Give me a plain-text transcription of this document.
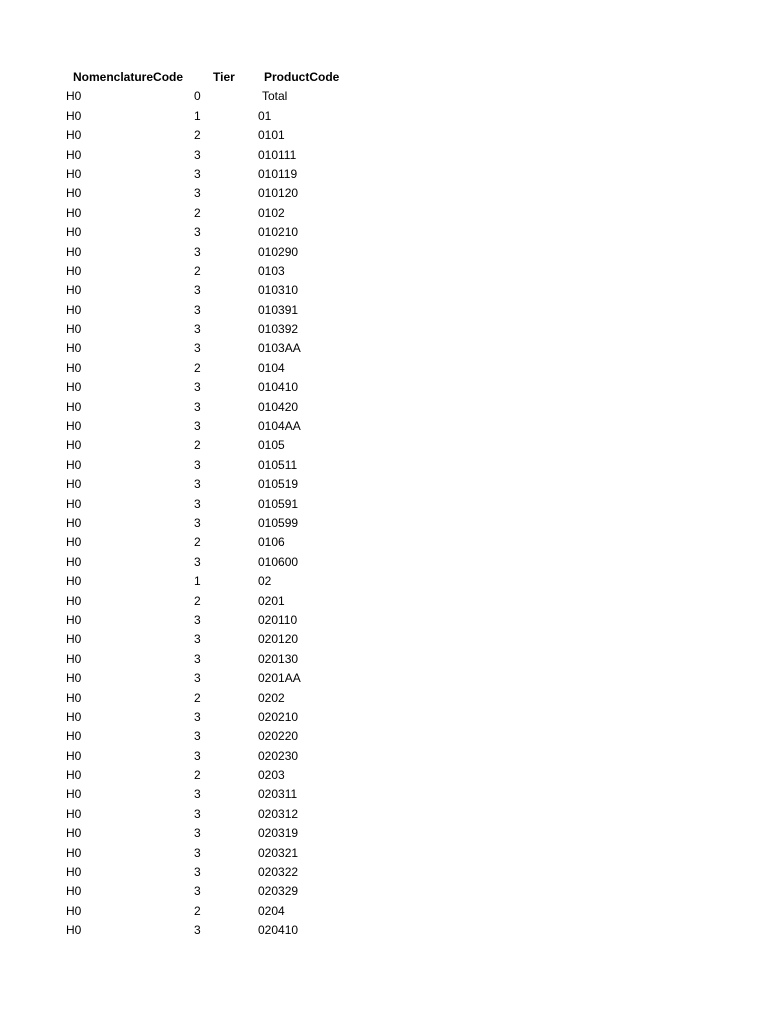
NomenclatureCode Tier ProductCode
H0	0	Total
H0	1	01
H0	2	0101
H0	3	010111
H0	3	010119
H0	3	010120
H0	2	0102
H0	3	010210
H0	3	010290
H0	2	0103
H0	3	010310
H0	3	010391
H0	3	010392
H0	3	0103AA
H0	2	0104
H0	3	010410
H0	3	010420
H0	3	0104AA
H0	2	0105
H0	3	010511
H0	3	010519
H0	3	010591
H0	3	010599
H0	2	0106
H0	3	010600
H0	1	02
H0	2	0201
H0	3	020110
H0	3	020120
H0	3	020130
H0	3	0201AA
H0	2	0202
H0	3	020210
H0	3	020220
H0	3	020230
H0	2	0203
H0	3	020311
H0	3	020312
H0	3	020319
H0	3	020321
H0	3	020322
H0	3	020329
H0	2	0204
H0	3	020410
